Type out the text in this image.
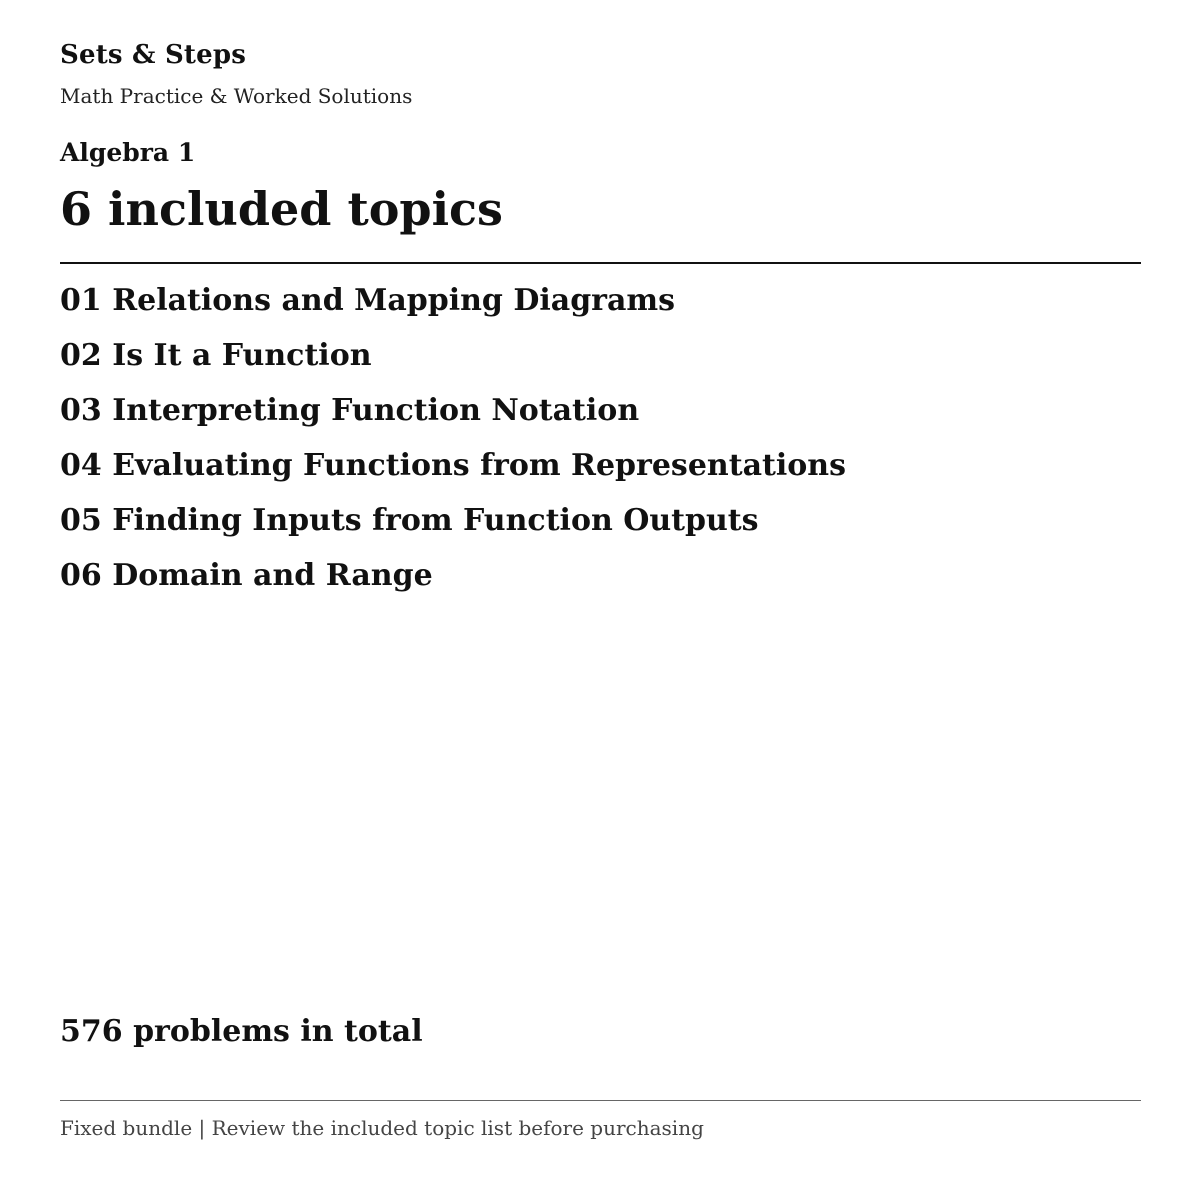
Sets & Steps
Math Practice & Worked Solutions
Algebra 1
6 included topics
01 Relations and Mapping Diagrams
02 Is It a Function
03 Interpreting Function Notation
04 Evaluating Functions from Representations
05 Finding Inputs from Function Outputs
06 Domain and Range
576 problems in total
Fixed bundle | Review the included topic list before purchasing
